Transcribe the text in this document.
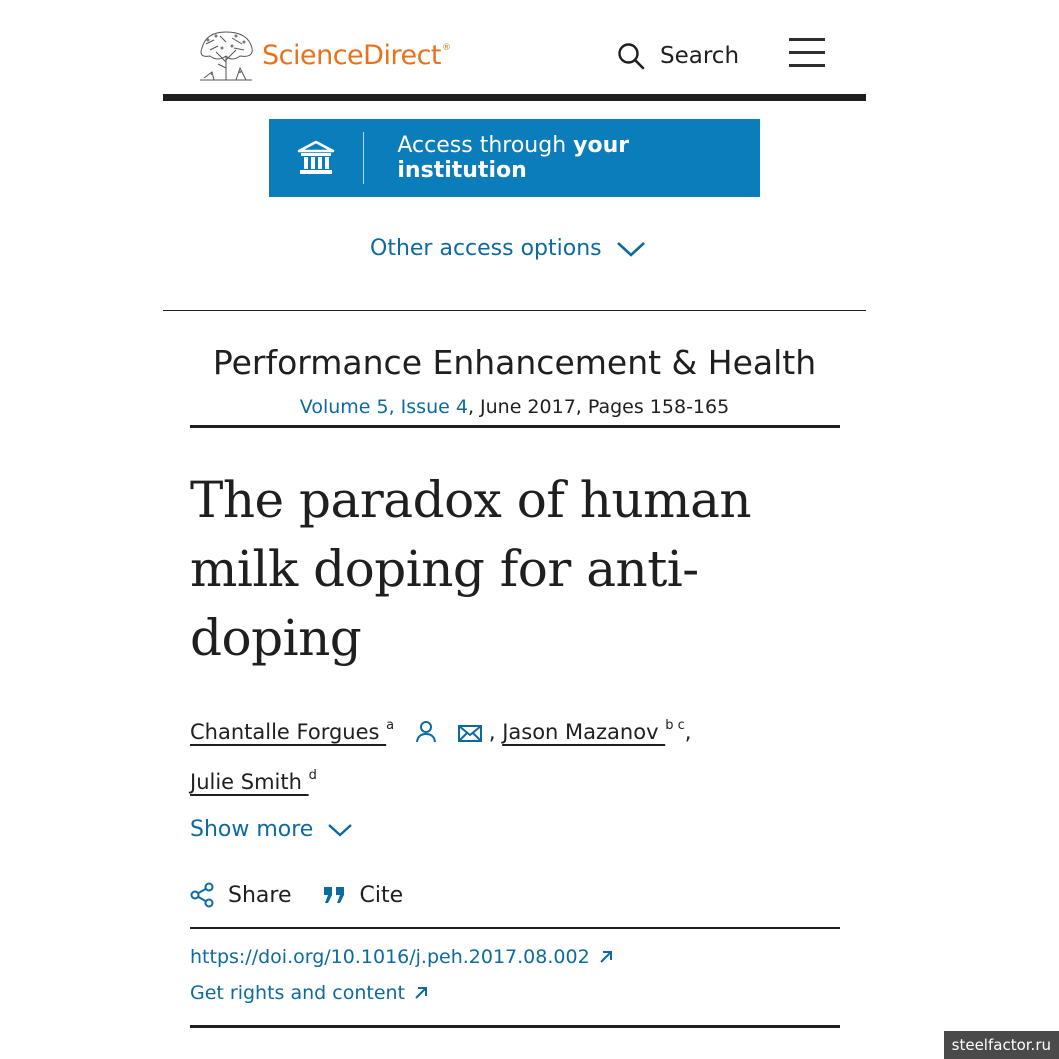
ScienceDirect®	Search
Access through your institution
Other access options
Performance Enhancement & Health
Volume 5, Issue 4, June 2017, Pages 158-165
The paradox of human milk doping for anti-doping
Chantalle Forgues $^a$	, Jason Mazanov $^{b c}$,
Julie Smith $^d$
Show more
Share	Cite
https://doi.org/10.1016/j.peh.2017.08.002
Get rights and content
steelfactor.ru
